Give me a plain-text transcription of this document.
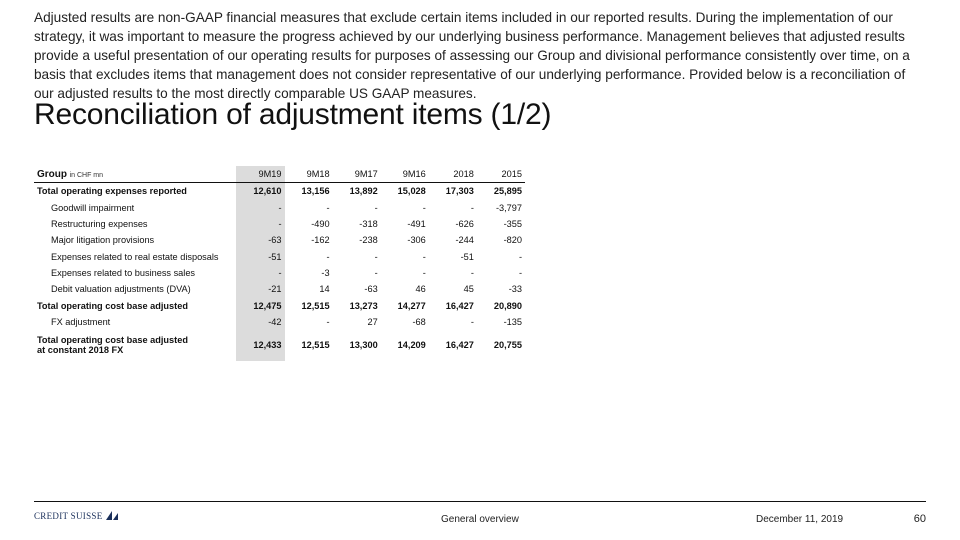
Adjusted results are non-GAAP financial measures that exclude certain items included in our reported results. During the implementation of our strategy, it was important to measure the progress achieved by our underlying business performance. Management believes that adjusted results provide a useful presentation of our operating results for purposes of assessing our Group and divisional performance consistently over time, on a basis that excludes items that management does not consider representative of our underlying performance. Provided below is a reconciliation of our adjusted results to the most directly comparable US GAAP measures.

Reconciliation of adjustment items (1/2)
Group in CHF mn	9M19	9M18	9M17	9M16	2018	2015
Total operating expenses reported	12,610	13,156	13,892	15,028	17,303	25,895
Goodwill impairment	-	-	-	-	-	-3,797
Restructuring expenses	-	-490	-318	-491	-626	-355
Major litigation provisions	-63	-162	-238	-306	-244	-820
Expenses related to real estate disposals	-51	-	-	-	-51	-
Expenses related to business sales	-	-3	-	-	-	-
Debit valuation adjustments (DVA)	-21	14	-63	46	45	-33
Total operating cost base adjusted	12,475	12,515	13,273	14,277	16,427	20,890
FX adjustment	-42	-	27	-68	-	-135
Total operating cost base adjusted
at constant 2018 FX	12,433	12,515	13,300	14,209	16,427	20,755
CREDIT SUISSE	General overview	December 11, 2019	60
